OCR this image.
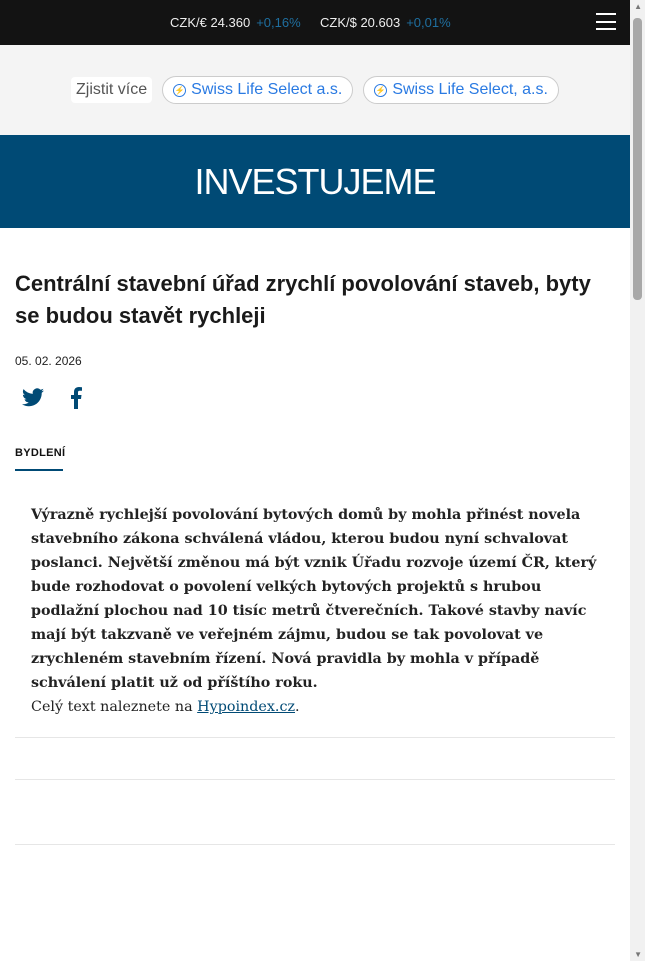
CZK/€ 24.360 +0,16% CZK/$ 20.603 +0,01%
Zjistit více	⚡ Swiss Life Select a.s.	⚡ Swiss Life Select, a.s.
INVESTUJEME
Centrální stavební úřad zrychlí povolování staveb, byty se budou stavět rychleji
05. 02. 2026
BYDLENÍ
Výrazně rychlejší povolování bytových domů by mohla přinést novela stavebního zákona schválená vládou, kterou budou nyní schvalovat poslanci. Největší změnou má být vznik Úřadu rozvoje území ČR, který bude rozhodovat o povolení velkých bytových projektů s hrubou podlažní plochou nad 10 tisíc metrů čtverečních. Takové stavby navíc mají být takzvaně ve veřejném zájmu, budou se tak povolovat ve zrychleném stavebním řízení. Nová pravidla by mohla v případě schválení platit už od příštího roku.
Celý text naleznete na Hypoindex.cz.
▲
▼
